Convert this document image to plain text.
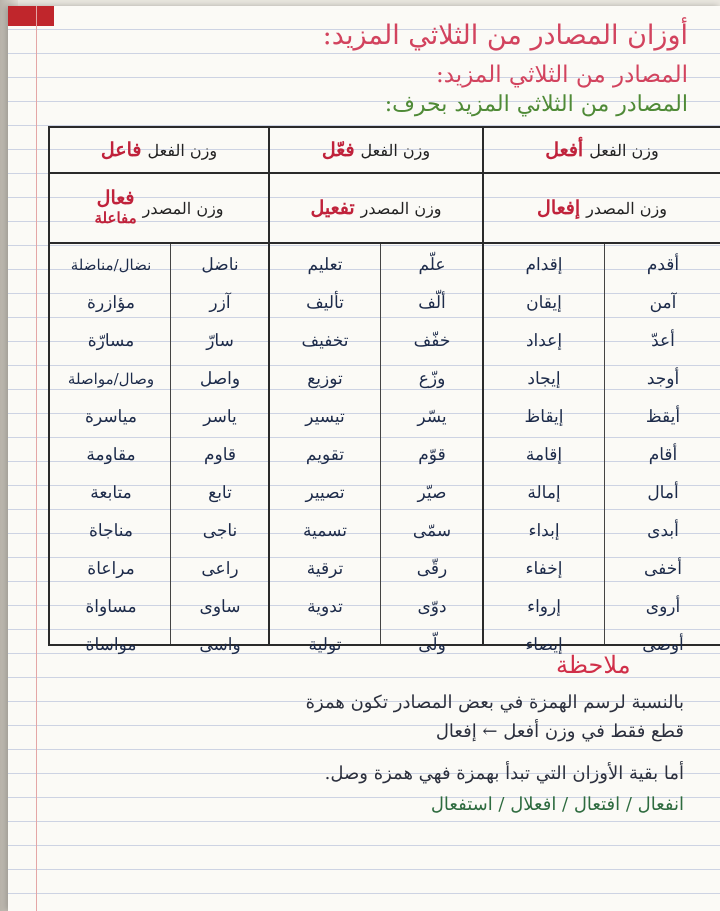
أوزان المصادر من الثلاثي المزيد:
المصادر من الثلاثي المزيد:
المصادر من الثلاثي المزيد بحرف:
وزن الفعل
أفعل
وزن المصدر
إفعال
وزن الفعل
فعّل
وزن المصدر
تفعيل
وزن الفعل
فاعل
وزن المصدر
فعال
مفاعلة
أقدم
إقدام
علّم
تعليم
ناضل
نضال/مناضلة
آمن
إيقان
ألّف
تأليف
آزر
مؤازرة
أعدّ
إعداد
خفّف
تخفيف
سارّ
مسارّة
أوجد
إيجاد
وزّع
توزيع
واصل
وصال/مواصلة
أيقظ
إيقاظ
يسّر
تيسير
ياسر
مياسرة
أقام
إقامة
قوّم
تقويم
قاوم
مقاومة
أمال
إمالة
صيّر
تصيير
تابع
متابعة
أبدى
إبداء
سمّى
تسمية
ناجى
مناجاة
أخفى
إخفاء
رقّى
ترقية
راعى
مراعاة
أروى
إرواء
دوّى
تدوية
ساوى
مساواة
أوصى
إيصاء
ولّى
تولية
واسى
مواساة
ملاحظة
بالنسبة لرسم الهمزة في بعض المصادر تكون همزة
قطع فقط في وزن أفعل ← إفعال
أما بقية الأوزان التي تبدأ بهمزة فهي همزة وصل.
انفعال / افتعال / افعلال / استفعال
